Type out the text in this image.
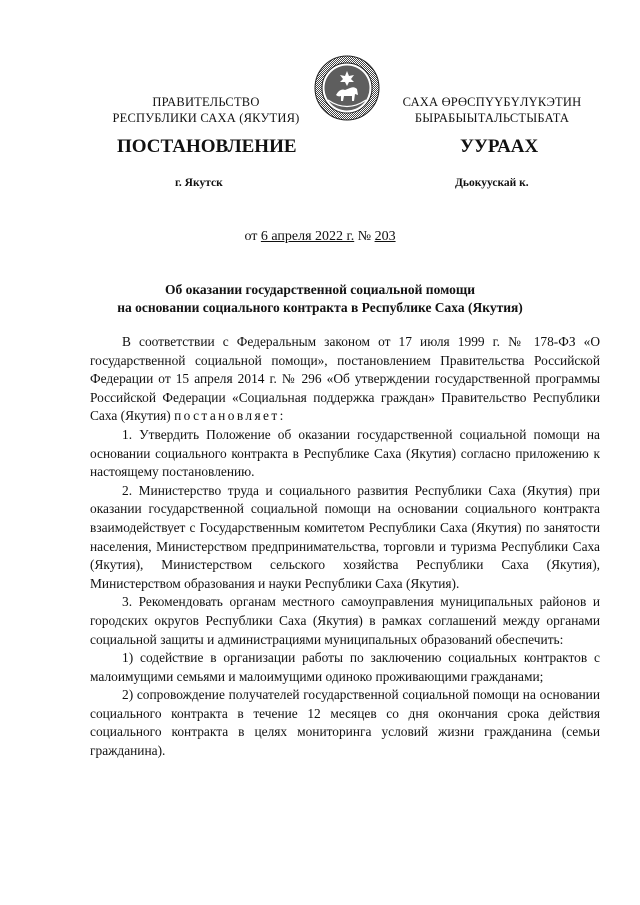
ПРАВИТЕЛЬСТВО
РЕСПУБЛИКИ САХА (ЯКУТИЯ)
САХА ӨРӨСПҮҮБҮЛҮКЭТИН
БЫРАБЫЫТАЛЬСТЫБАТА
ПОСТАНОВЛЕНИЕ	УУРААХ
г. Якутск	Дьокуускай к.
от 6 апреля 2022 г. № 203
Об оказании государственной социальной помощи
на основании социального контракта в Республике Саха (Якутия)

В соответствии с Федеральным законом от 17 июля 1999 г. № 178-ФЗ «О государственной социальной помощи», постановлением Правительства Российской Федерации от 15 апреля 2014 г. № 296 «Об утверждении государственной программы Российской Федерации «Социальная поддержка граждан» Правительство Республики Саха (Якутия) постановляет:

1. Утвердить Положение об оказании государственной социальной помощи на основании социального контракта в Республике Саха (Якутия) согласно приложению к настоящему постановлению.

2. Министерство труда и социального развития Республики Саха (Якутия) при оказании государственной социальной помощи на основании социального контракта взаимодействует с Государственным комитетом Республики Саха (Якутия) по занятости населения, Министерством предпринимательства, торговли и туризма Республики Саха (Якутия), Министерством сельского хозяйства Республики Саха (Якутия), Министерством образования и науки Республики Саха (Якутия).

3. Рекомендовать органам местного самоуправления муниципальных районов и городских округов Республики Саха (Якутия) в рамках соглашений между органами социальной защиты и администрациями муниципальных образований обеспечить:

1) содействие в организации работы по заключению социальных контрактов с малоимущими семьями и малоимущими одиноко проживающими гражданами;

2) сопровождение получателей государственной социальной помощи на основании социального контракта в течение 12 месяцев со дня окончания срока действия социального контракта в целях мониторинга условий жизни гражданина (семьи гражданина).
